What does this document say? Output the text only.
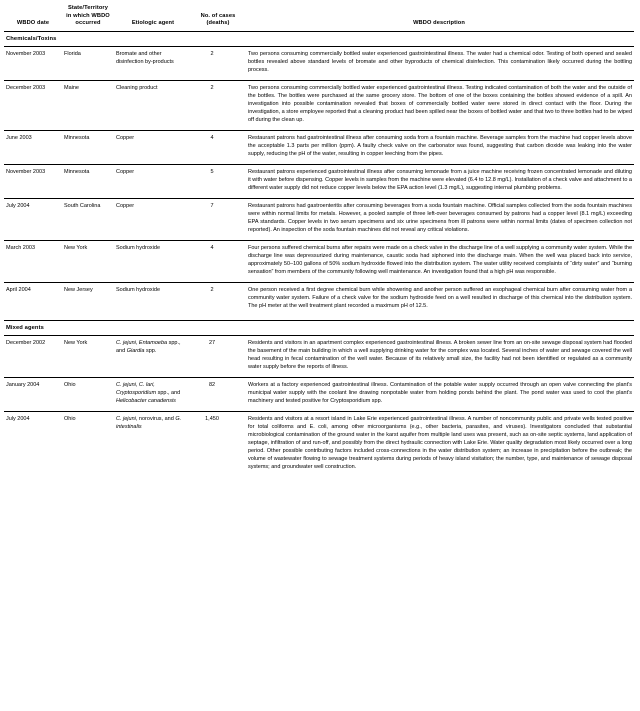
WBDO date	State/Territory in which WBDO occurred	Etiologic agent	No. of cases (deaths)	WBDO description
Chemicals/Toxins				
November 2003	Florida	Bromate and other disinfection by-products	2	Two persons consuming commercially bottled water experienced gastrointestinal illness. The water had a chemical odor. Testing of both opened and sealed bottles revealed above standard levels of bromate and other byproducts of chemical disinfection. This contamination likely occurred during the bottling process.
December 2003	Maine	Cleaning product	2	Two persons consuming commercially bottled water experienced gastrointestinal illness. Testing indicated contamination of both the water and the outside of the bottles. The bottles were purchased at the same grocery store. The bottom of one of the boxes containing the bottles showed evidence of a spill. An investigation into possible contamination revealed that boxes of commercially bottled water were stored in direct contact with the floor. During the investigation, a store employee reported that a cleaning product had been spilled near the boxes of bottled water and that two to three bottles had to be wiped off during the clean up.
June 2003	Minnesota	Copper	4	Restaurant patrons had gastrointestinal illness after consuming soda from a fountain machine. Beverage samples from the machine had copper levels above the acceptable 1.3 parts per million (ppm). A faulty check valve on the carbonator was found, suggesting that carbon dioxide was leaking into the water supply, reducing the pH of the water, resulting in copper leeching from the pipes.
November 2003	Minnesota	Copper	5	Restaurant patrons experienced gastrointestinal illness after consuming lemonade from a juice machine receiving frozen concentrated lemonade and diluting it with water before dispensing. Copper levels in samples from the machine were elevated (6.4 to 12.8 mg/L). Installation of a check valve and attachment to a different water supply did not reduce copper levels below the EPA action level (1.3 mg/L), suggesting internal plumbing problems.
July 2004	South Carolina	Copper	7	Restaurant patrons had gastroenteritis after consuming beverages from a soda fountain machine. Official samples collected from the soda fountain machines were within normal limits for metals. However, a pooled sample of three left-over beverages consumed by patrons had a copper level (8.1 mg/L) exceeding EPA standards. Copper levels in two serum specimens and six urine specimens from ill patrons were within normal limits (dates of specimen collection not reported). An inspection of the soda fountain machines did not reveal any critical violations.
March 2003	New York	Sodium hydroxide	4	Four persons suffered chemical burns after repairs were made on a check valve in the discharge line of a well supplying a community water system. While the discharge line was depressurized during maintenance, caustic soda had siphoned into the discharge main. When the well was placed back into service, approximately 50–100 gallons of 50% sodium hydroxide flowed into the distribution system. The water utility received complaints of “dirty water” and “burning sensation” from members of the community following well maintenance. An investigation found that a high pH was responsible.
April 2004	New Jersey	Sodium hydroxide	2	One person received a first degree chemical burn while showering and another person suffered an esophageal chemical burn after consuming water from a community water system. Failure of a check valve for the sodium hydroxide feed on a well resulted in discharge of this chemical into the distribution system. The pH meter at the well treatment plant recorded a maximum pH of 12.5.

Mixed agents				
December 2002	New York	C. jejuni, Entamoeba spp., and Giardia spp.	27	Residents and visitors in an apartment complex experienced gastrointestinal illness. A broken sewer line from an on-site sewage disposal system had flooded the basement of the main building in which a well supplying drinking water for the complex was located. Several inches of water and sewage covered the well head resulting in fecal contamination of the well water. Because of its relatively small size, the facility had not been identified or regulated as a community water supply before the reports of illness.
January 2004	Ohio	C. jejuni, C. lari, Cryptosporidium spp., and Helicobacter canadensis	82	Workers at a factory experienced gastrointestinal illness. Contamination of the potable water supply occurred through an open valve connecting the plant’s municipal water supply with the coolant line drawing nonpotable water from holding ponds behind the plant. The pond water was used to cool the plant’s machinery and tested positive for Cryptosporidium spp.
July 2004	Ohio	C. jejuni, norovirus, and G. intestinalis	1,450	Residents and visitors at a resort island in Lake Erie experienced gastrointestinal illness. A number of noncommunity public and private wells tested positive for total coliforms and E. coli, among other microorganisms (e.g., other bacteria, parasites, and viruses). Investigators concluded that substantial microbiological contamination of the ground water in the karst aquifer from multiple land uses was present, such as on-site septic systems, land application of septage, infiltration of and run-off, and possibly from the direct hydraulic connection with Lake Erie. Water quality degradation most likely occurred over a long period. Other possible contributing factors included cross-connections in the water distribution system; an increase in precipitation before the outbreak; the volume of wastewater flowing to sewage treatment systems during periods of heavy island visitation; the number, type, and maintenance of sewage disposal systems; and groundwater well construction.
